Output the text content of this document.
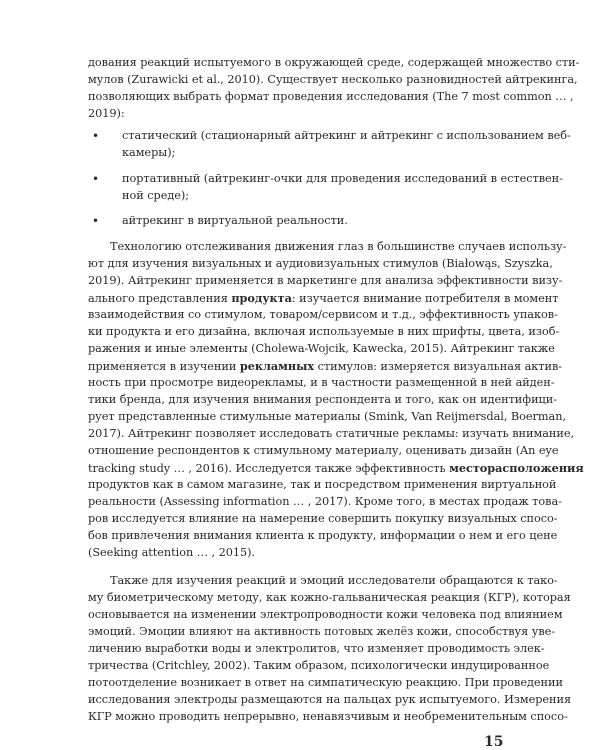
дования реакций испытуемого в окружающей среде, содержащей множество сти-
мулов (Zurawicki et al., 2010). Существует несколько разновидностей айтрекинга,
позволяющих выбрать формат проведения исследования (The 7 most common … ,
2019):
• статический (стационарный айтрекинг и айтрекинг с использованием веб-
камеры);
• портативный (айтрекинг-очки для проведения исследований в естествен-
ной среде);
• айтрекинг в виртуальной реальности.
Технологию отслеживания движения глаз в большинстве случаев использу-
ют для изучения визуальных и аудиовизуальных стимулов (Białowąs, Szyszka,
2019). Айтрекинг применяется в маркетинге для анализа эффективности визу-
ального представления продукта: изучается внимание потребителя в момент
взаимодействия со стимулом, товаром/сервисом и т.д., эффективность упаков-
ки продукта и его дизайна, включая используемые в них шрифты, цвета, изоб-
ражения и иные элементы (Cholewa-Wojcik, Kawecka, 2015). Айтрекинг также
применяется в изучении рекламных стимулов: измеряется визуальная актив-
ность при просмотре видеорекламы, и в частности размещенной в ней айден-
тики бренда, для изучения внимания респондента и того, как он идентифици-
рует представленные стимульные материалы (Smink, Van Reijmersdal, Boerman,
2017). Айтрекинг позволяет исследовать статичные рекламы: изучать внимание,
отношение респондентов к стимульному материалу, оценивать дизайн (An eye
tracking study … , 2016). Исследуется также эффективность месторасположения
продуктов как в самом магазине, так и посредством применения виртуальной
реальности (Assessing information … , 2017). Кроме того, в местах продаж това-
ров исследуется влияние на намерение совершить покупку визуальных спосо-
бов привлечения внимания клиента к продукту, информации о нем и его цене
(Seeking attention … , 2015).
Также для изучения реакций и эмоций исследователи обращаются к тако-
му биометрическому методу, как кожно-гальваническая реакция (КГР), которая
основывается на изменении электропроводности кожи человека под влиянием
эмоций. Эмоции влияют на активность потовых желёз кожи, способствуя уве-
личению выработки воды и электролитов, что изменяет проводимость элек-
тричества (Critchley, 2002). Таким образом, психологически индуцированное
потоотделение возникает в ответ на симпатическую реакцию. При проведении
исследования электроды размещаются на пальцах рук испытуемого. Измерения
КГР можно проводить непрерывно, ненавязчивым и необременительным спосо-
15
